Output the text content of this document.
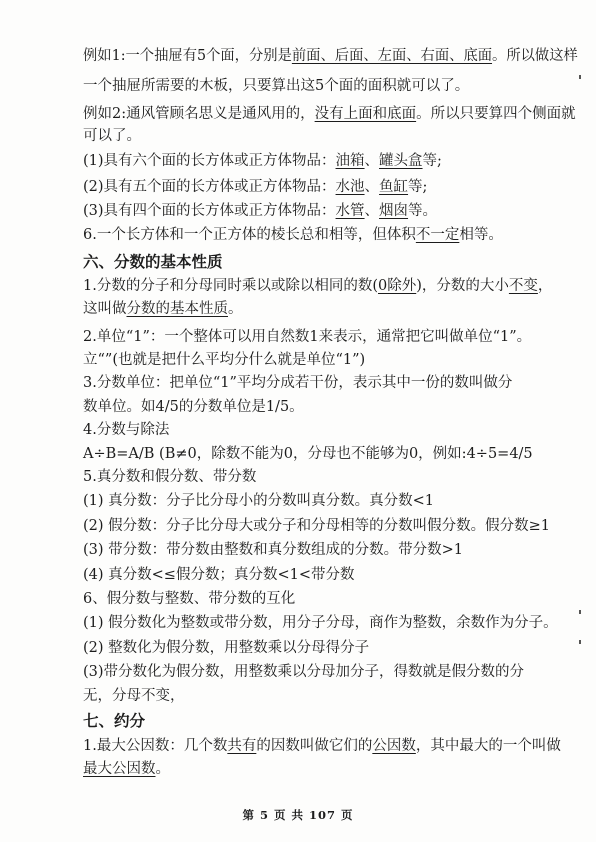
例如1:一个抽屉有5个面，分别是前面、后面、左面、右面、底面。所以做这样
一个抽屉所需要的木板，只要算出这5个面的面积就可以了。
例如2:通风管顾名思义是通风用的，没有上面和底面。所以只要算四个侧面就
可以了。
(1)具有六个面的长方体或正方体物品：油箱、罐头盒等;
(2)具有五个面的长方体或正方体物品：水池、鱼缸等;
(3)具有四个面的长方体或正方体物品：水管、烟囱等。
6.一个长方体和一个正方体的棱长总和相等，但体积不一定相等。
六、分数的基本性质
1.分数的分子和分母同时乘以或除以相同的数(0除外)，分数的大小不变，
这叫做分数的基本性质。
2.单位“1”：一个整体可以用自然数1来表示，通常把它叫做单位“1”。
立“”(也就是把什么平均分什么就是单位“1”)
3.分数单位：把单位“1”平均分成若干份，表示其中一份的数叫做分
数单位。如4/5的分数单位是1/5。
4.分数与除法
A÷B=A/B (B≠0，除数不能为0，分母也不能够为0，例如:4÷5=4/5
5.真分数和假分数、带分数
(1) 真分数：分子比分母小的分数叫真分数。真分数<1
(2) 假分数：分子比分母大或分子和分母相等的分数叫假分数。假分数≥1
(3) 带分数：带分数由整数和真分数组成的分数。带分数>1
(4) 真分数<≤假分数；真分数<1<带分数
6、假分数与整数、带分数的互化
(1) 假分数化为整数或带分数，用分子分母，商作为整数，余数作为分子。
(2) 整数化为假分数，用整数乘以分母得分子
(3)带分数化为假分数，用整数乘以分母加分子，得数就是假分数的分
无，分母不变，
七、约分
1.最大公因数：几个数共有的因数叫做它们的公因数，其中最大的一个叫做
最大公因数。
第 5 页 共 107 页
